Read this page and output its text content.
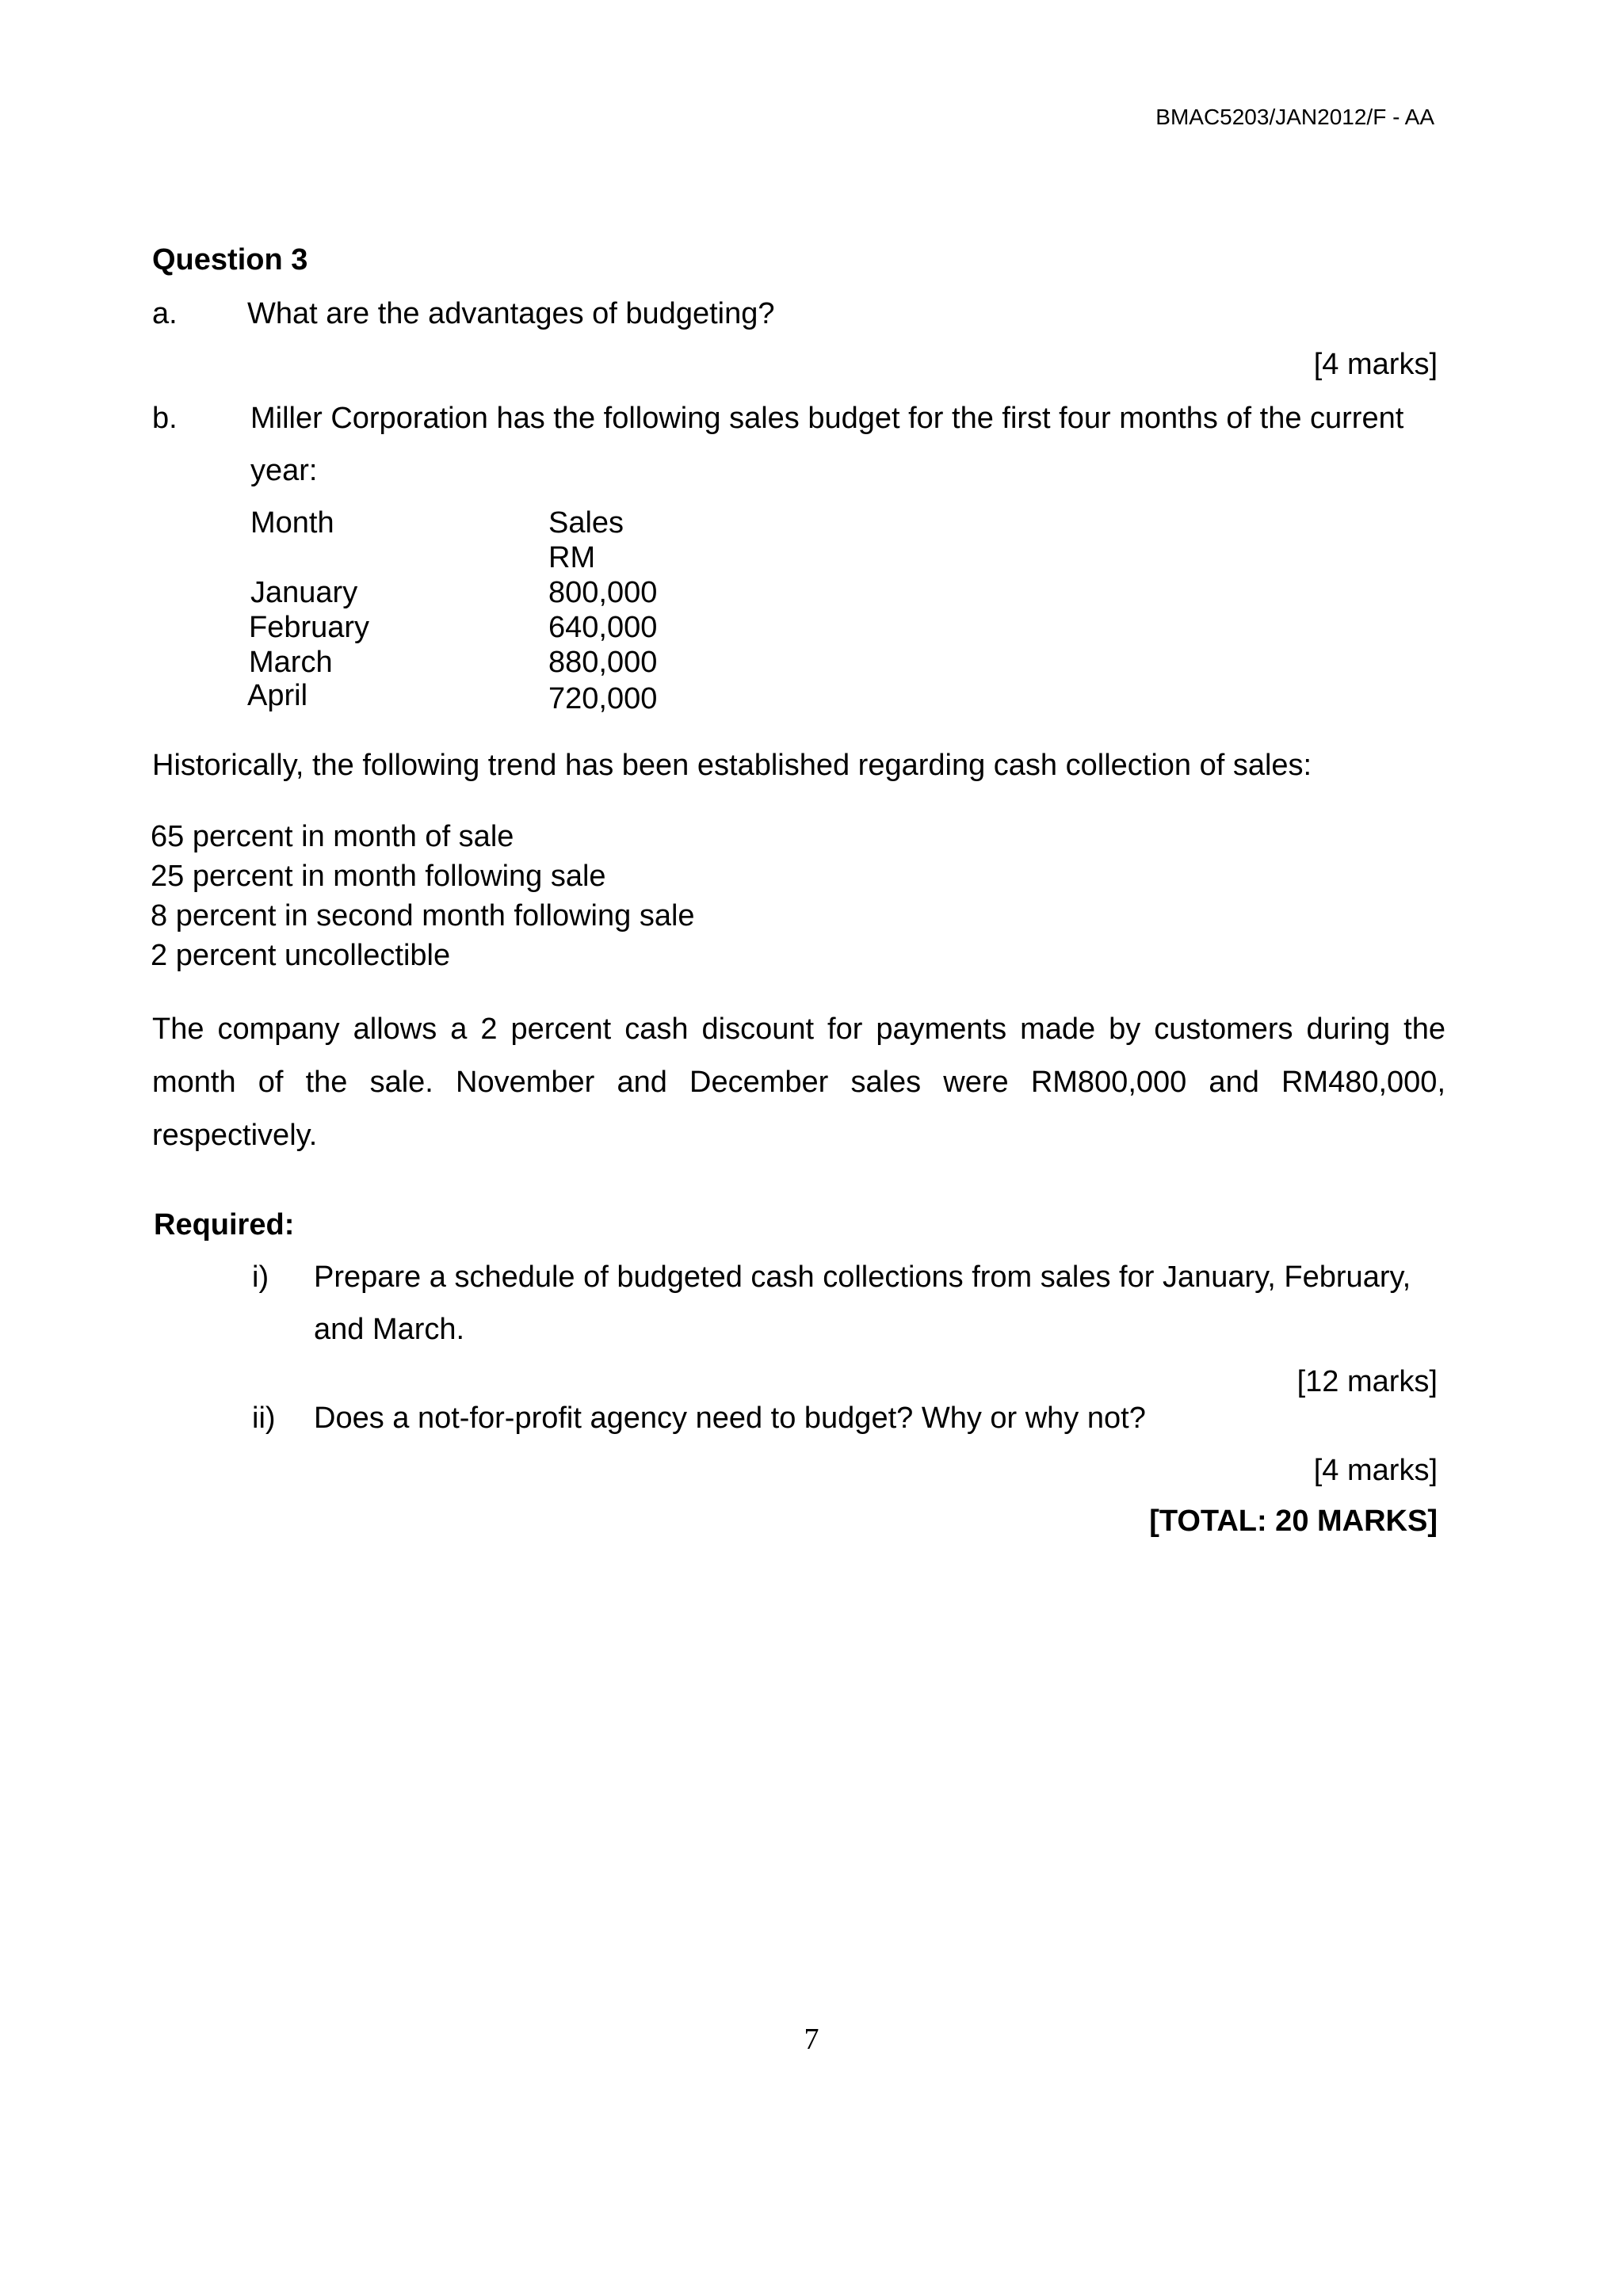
BMAC5203/JAN2012/F - AA
Question 3
a. What are the advantages of budgeting?
[4 marks]
b. Miller Corporation has the following sales budget for the first four months of the current
year:
Month	Sales
RM
January	800,000
February	640,000
March	880,000
April	720,000
Historically, the following trend has been established regarding cash collection of sales:
65 percent in month of sale
25 percent in month following sale
8 percent in second month following sale
2 percent uncollectible
The company allows a 2 percent cash discount for payments made by customers during the month of the sale. November and December sales were RM800,000 and RM480,000, respectively.
Required:
i) Prepare a schedule of budgeted cash collections from sales for January, February,
and March.
[12 marks]
ii) Does a not-for-profit agency need to budget? Why or why not?
[4 marks]
[TOTAL: 20 MARKS]
7
